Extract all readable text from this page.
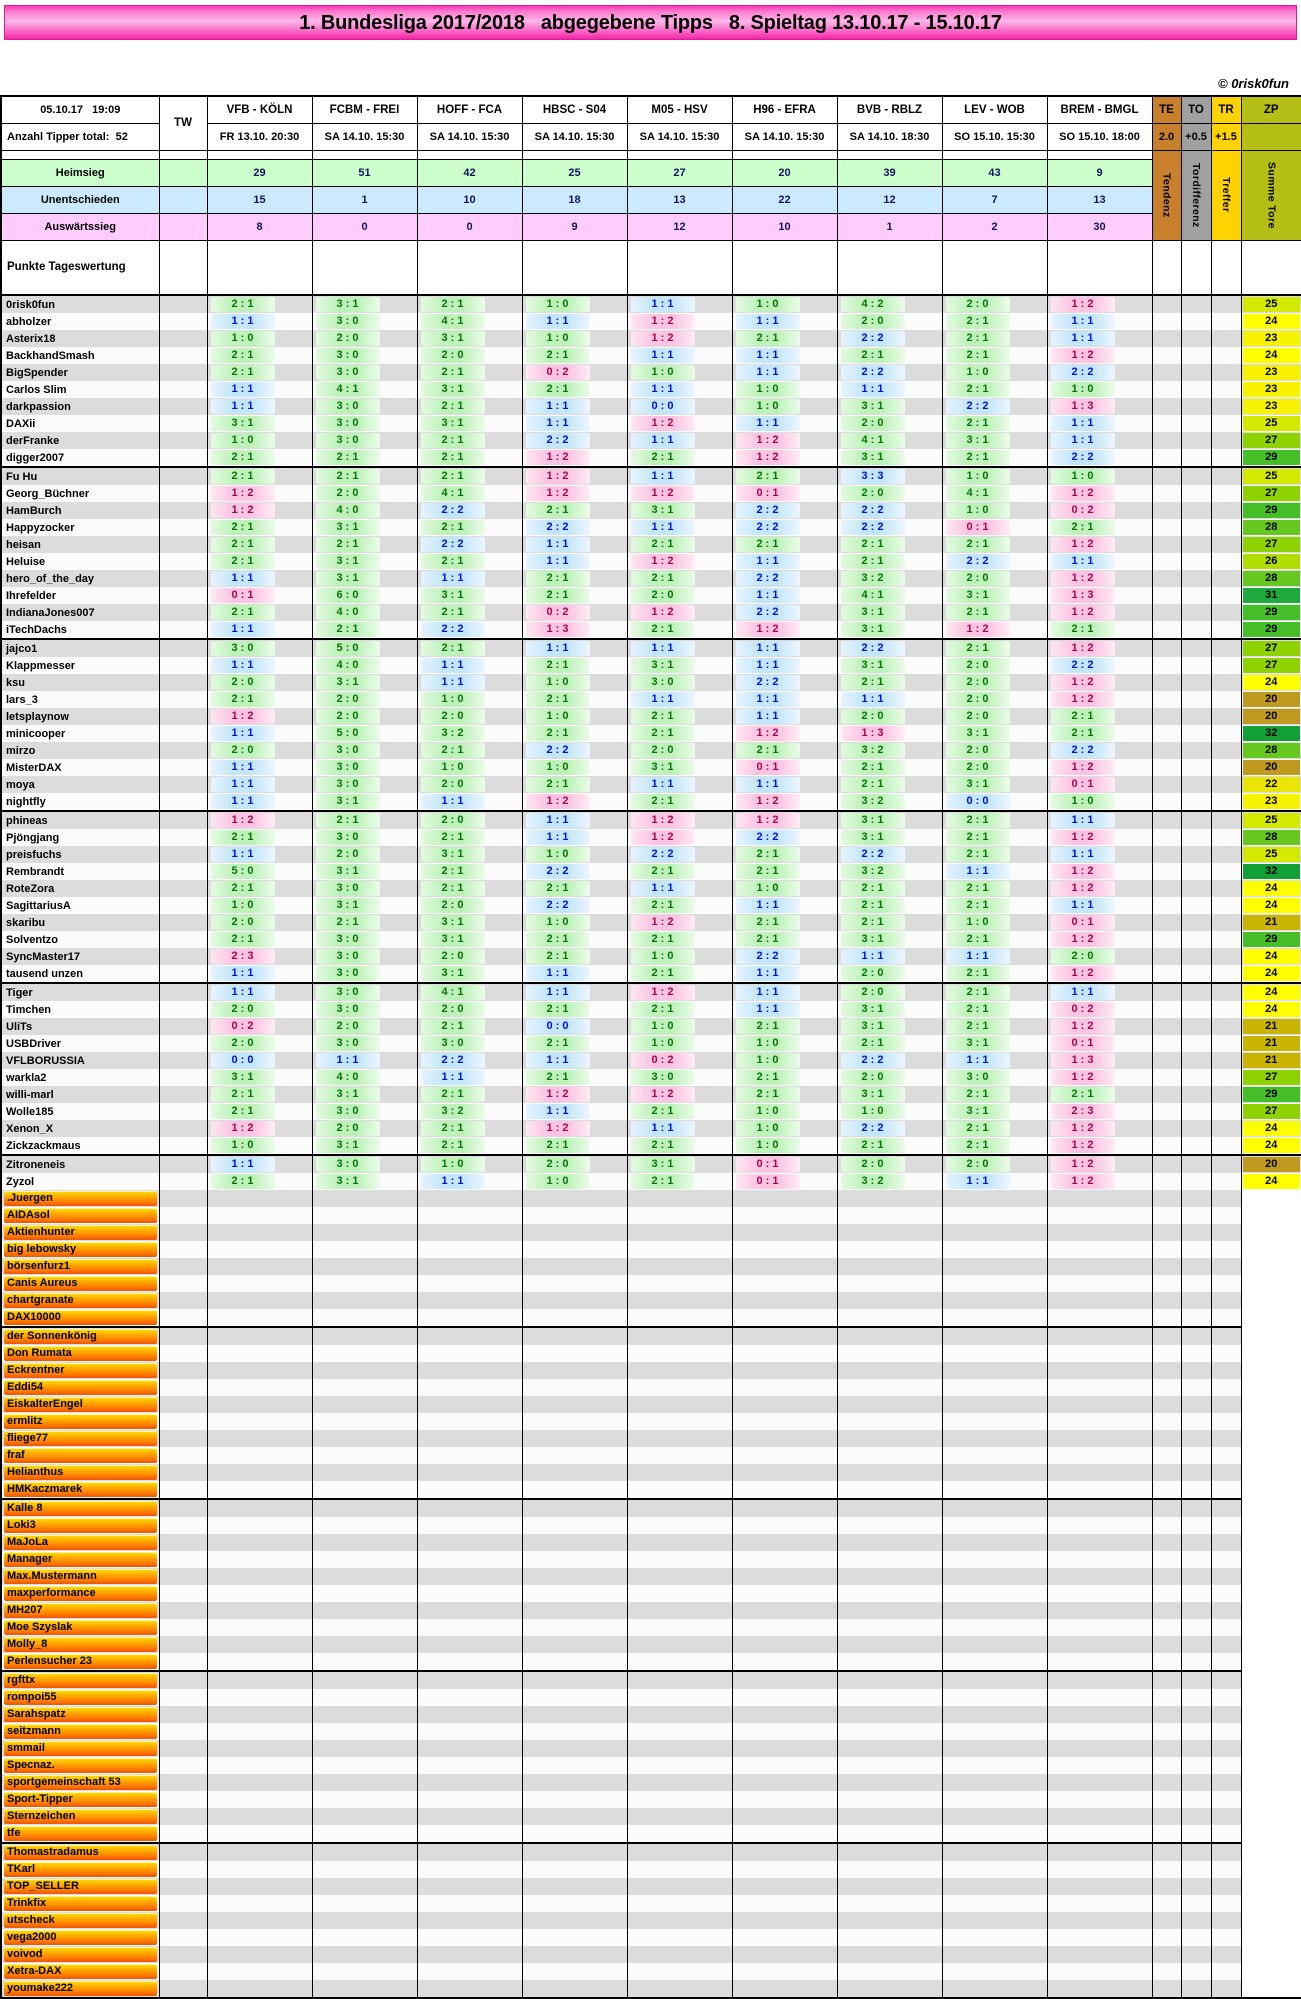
1. Bundesliga 2017/2018   abgegebene Tipps   8. Spieltag 13.10.17 - 15.10.17
© 0risk0fun
05.10.17   19:09	TW	VFB - KÖLN	FCBM - FREI	HOFF - FCA	HBSC - S04	M05 - HSV	H96 - EFRA	BVB - RBLZ	LEV - WOB	BREM - BMGL	TE	TO	TR	ZP
Anzahl Tipper total:  52		FR 13.10. 20:30	SA 14.10. 15:30	SA 14.10. 15:30	SA 14.10. 15:30	SA 14.10. 15:30	SA 14.10. 15:30	SA 14.10. 18:30	SO 15.10. 15:30	SO 15.10. 18:00	2.0	+0.5	+1.5	
											Tendenz	Tordifferenz	Treffer	Summe Tore
Heimsieg		29	51	42	25	27	20	39	43	9				
Unentschieden		15	1	10	18	13	22	12	7	13				
Auswärtssieg		8	0	0	9	12	10	1	2	30				
Punkte Tageswertung														
0risk0fun		2 : 1	3 : 1	2 : 1	1 : 0	1 : 1	1 : 0	4 : 2	2 : 0	1 : 2				25

abholzer		1 : 1	3 : 0	4 : 1	1 : 1	1 : 2	1 : 1	2 : 0	2 : 1	1 : 1				24

Asterix18		1 : 0	2 : 0	3 : 1	1 : 0	1 : 2	2 : 1	2 : 2	2 : 1	1 : 1				23

BackhandSmash		2 : 1	3 : 0	2 : 0	2 : 1	1 : 1	1 : 1	2 : 1	2 : 1	1 : 2				24

BigSpender		2 : 1	3 : 0	2 : 1	0 : 2	1 : 0	1 : 1	2 : 2	1 : 0	2 : 2				23

Carlos Slim		1 : 1	4 : 1	3 : 1	2 : 1	1 : 1	1 : 0	1 : 1	2 : 1	1 : 0				23

darkpassion		1 : 1	3 : 0	2 : 1	1 : 1	0 : 0	1 : 0	3 : 1	2 : 2	1 : 3				23

DAXii		3 : 1	3 : 0	3 : 1	1 : 1	1 : 2	1 : 1	2 : 0	2 : 1	1 : 1				25

derFranke		1 : 0	3 : 0	2 : 1	2 : 2	1 : 1	1 : 2	4 : 1	3 : 1	1 : 1				27

digger2007		2 : 1	2 : 1	2 : 1	1 : 2	2 : 1	1 : 2	3 : 1	2 : 1	2 : 2				29

Fu Hu		2 : 1	2 : 1	2 : 1	1 : 2	1 : 1	2 : 1	3 : 3	1 : 0	1 : 0				25

Georg_Büchner		1 : 2	2 : 0	4 : 1	1 : 2	1 : 2	0 : 1	2 : 0	4 : 1	1 : 2				27

HamBurch		1 : 2	4 : 0	2 : 2	2 : 1	3 : 1	2 : 2	2 : 2	1 : 0	0 : 2				29

Happyzocker		2 : 1	3 : 1	2 : 1	2 : 2	1 : 1	2 : 2	2 : 2	0 : 1	2 : 1				28

heisan		2 : 1	2 : 1	2 : 2	1 : 1	2 : 1	2 : 1	2 : 1	2 : 1	1 : 2				27

Heluise		2 : 1	3 : 1	2 : 1	1 : 1	1 : 2	1 : 1	2 : 1	2 : 2	1 : 1				26

hero_of_the_day		1 : 1	3 : 1	1 : 1	2 : 1	2 : 1	2 : 2	3 : 2	2 : 0	1 : 2				28

Ihrefelder		0 : 1	6 : 0	3 : 1	2 : 1	2 : 0	1 : 1	4 : 1	3 : 1	1 : 3				31

IndianaJones007		2 : 1	4 : 0	2 : 1	0 : 2	1 : 2	2 : 2	3 : 1	2 : 1	1 : 2				29

iTechDachs		1 : 1	2 : 1	2 : 2	1 : 3	2 : 1	1 : 2	3 : 1	1 : 2	2 : 1				29

jajco1		3 : 0	5 : 0	2 : 1	1 : 1	1 : 1	1 : 1	2 : 2	2 : 1	1 : 2				27

Klappmesser		1 : 1	4 : 0	1 : 1	2 : 1	3 : 1	1 : 1	3 : 1	2 : 0	2 : 2				27

ksu		2 : 0	3 : 1	1 : 1	1 : 0	3 : 0	2 : 2	2 : 1	2 : 0	1 : 2				24

lars_3		2 : 1	2 : 0	1 : 0	2 : 1	1 : 1	1 : 1	1 : 1	2 : 0	1 : 2				20

letsplaynow		1 : 2	2 : 0	2 : 0	1 : 0	2 : 1	1 : 1	2 : 0	2 : 0	2 : 1				20

minicooper		1 : 1	5 : 0	3 : 2	2 : 1	2 : 1	1 : 2	1 : 3	3 : 1	2 : 1				32

mirzo		2 : 0	3 : 0	2 : 1	2 : 2	2 : 0	2 : 1	3 : 2	2 : 0	2 : 2				28

MisterDAX		1 : 1	3 : 0	1 : 0	1 : 0	3 : 1	0 : 1	2 : 1	2 : 0	1 : 2				20

moya		1 : 1	3 : 0	2 : 0	2 : 1	1 : 1	1 : 1	2 : 1	3 : 1	0 : 1				22

nightfly		1 : 1	3 : 1	1 : 1	1 : 2	2 : 1	1 : 2	3 : 2	0 : 0	1 : 0				23

phineas		1 : 2	2 : 1	2 : 0	1 : 1	1 : 2	1 : 2	3 : 1	2 : 1	1 : 1				25

Pjöngjang		2 : 1	3 : 0	2 : 1	1 : 1	1 : 2	2 : 2	3 : 1	2 : 1	1 : 2				28

preisfuchs		1 : 1	2 : 0	3 : 1	1 : 0	2 : 2	2 : 1	2 : 2	2 : 1	1 : 1				25

Rembrandt		5 : 0	3 : 1	2 : 1	2 : 2	2 : 1	2 : 1	3 : 2	1 : 1	1 : 2				32

RoteZora		2 : 1	3 : 0	2 : 1	2 : 1	1 : 1	1 : 0	2 : 1	2 : 1	1 : 2				24

SagittariusA		1 : 0	3 : 1	2 : 0	2 : 2	2 : 1	1 : 1	2 : 1	2 : 1	1 : 1				24

skaribu		2 : 0	2 : 1	3 : 1	1 : 0	1 : 2	2 : 1	2 : 1	1 : 0	0 : 1				21

Solventzo		2 : 1	3 : 0	3 : 1	2 : 1	2 : 1	2 : 1	3 : 1	2 : 1	1 : 2				29

SyncMaster17		2 : 3	3 : 0	2 : 0	2 : 1	1 : 0	2 : 2	1 : 1	1 : 1	2 : 0				24

tausend unzen		1 : 1	3 : 0	3 : 1	1 : 1	2 : 1	1 : 1	2 : 0	2 : 1	1 : 2				24

Tiger		1 : 1	3 : 0	4 : 1	1 : 1	1 : 2	1 : 1	2 : 0	2 : 1	1 : 1				24

Timchen		2 : 0	3 : 0	2 : 0	2 : 1	2 : 1	1 : 1	3 : 1	2 : 1	0 : 2				24

UliTs		0 : 2	2 : 0	2 : 1	0 : 0	1 : 0	2 : 1	3 : 1	2 : 1	1 : 2				21

USBDriver		2 : 0	3 : 0	3 : 0	2 : 1	1 : 0	1 : 0	2 : 1	3 : 1	0 : 1				21

VFLBORUSSIA		0 : 0	1 : 1	2 : 2	1 : 1	0 : 2	1 : 0	2 : 2	1 : 1	1 : 3				21

warkla2		3 : 1	4 : 0	1 : 1	2 : 1	3 : 0	2 : 1	2 : 0	3 : 0	1 : 2				27

willi-marl		2 : 1	3 : 1	2 : 1	1 : 2	1 : 2	2 : 1	3 : 1	2 : 1	2 : 1				29

Wolle185		2 : 1	3 : 0	3 : 2	1 : 1	2 : 1	1 : 0	1 : 0	3 : 1	2 : 3				27

Xenon_X		1 : 2	2 : 0	2 : 1	1 : 2	1 : 1	1 : 0	2 : 2	2 : 1	1 : 2				24

Zickzackmaus		1 : 0	3 : 1	2 : 1	2 : 1	2 : 1	1 : 0	2 : 1	2 : 1	1 : 2				24

Zitroneneis		1 : 1	3 : 0	1 : 0	2 : 0	3 : 1	0 : 1	2 : 0	2 : 0	1 : 2				20

Zyzol		2 : 1	3 : 1	1 : 1	1 : 0	2 : 1	0 : 1	3 : 2	1 : 1	1 : 2				24

.Juergen														

AIDAsol														

Aktienhunter														

big lebowsky														

börsenfurz1														

Canis Aureus														

chartgranate														

DAX10000														

der Sonnenkönig														

Don Rumata														

Eckrentner														

Eddi54														

EiskalterEngel														

ermlitz														

fliege77														

fraf														

Helianthus														

HMKaczmarek														

Kalle 8														

Loki3														

MaJoLa														

Manager														

Max.Mustermann														

maxperformance														

MH207														

Moe Szyslak														

Molly_8														

Perlensucher 23														

rgfttx														

rompoi55														

Sarahspatz														

seitzmann														

smmail														

Specnaz.														

sportgemeinschaft 53														

Sport-Tipper														

Sternzeichen														

tfe														

Thomastradamus														

TKarl														

TOP_SELLER														

Trinkfix														

utscheck														

vega2000														

voivod														

Xetra-DAX														

youmake222														
